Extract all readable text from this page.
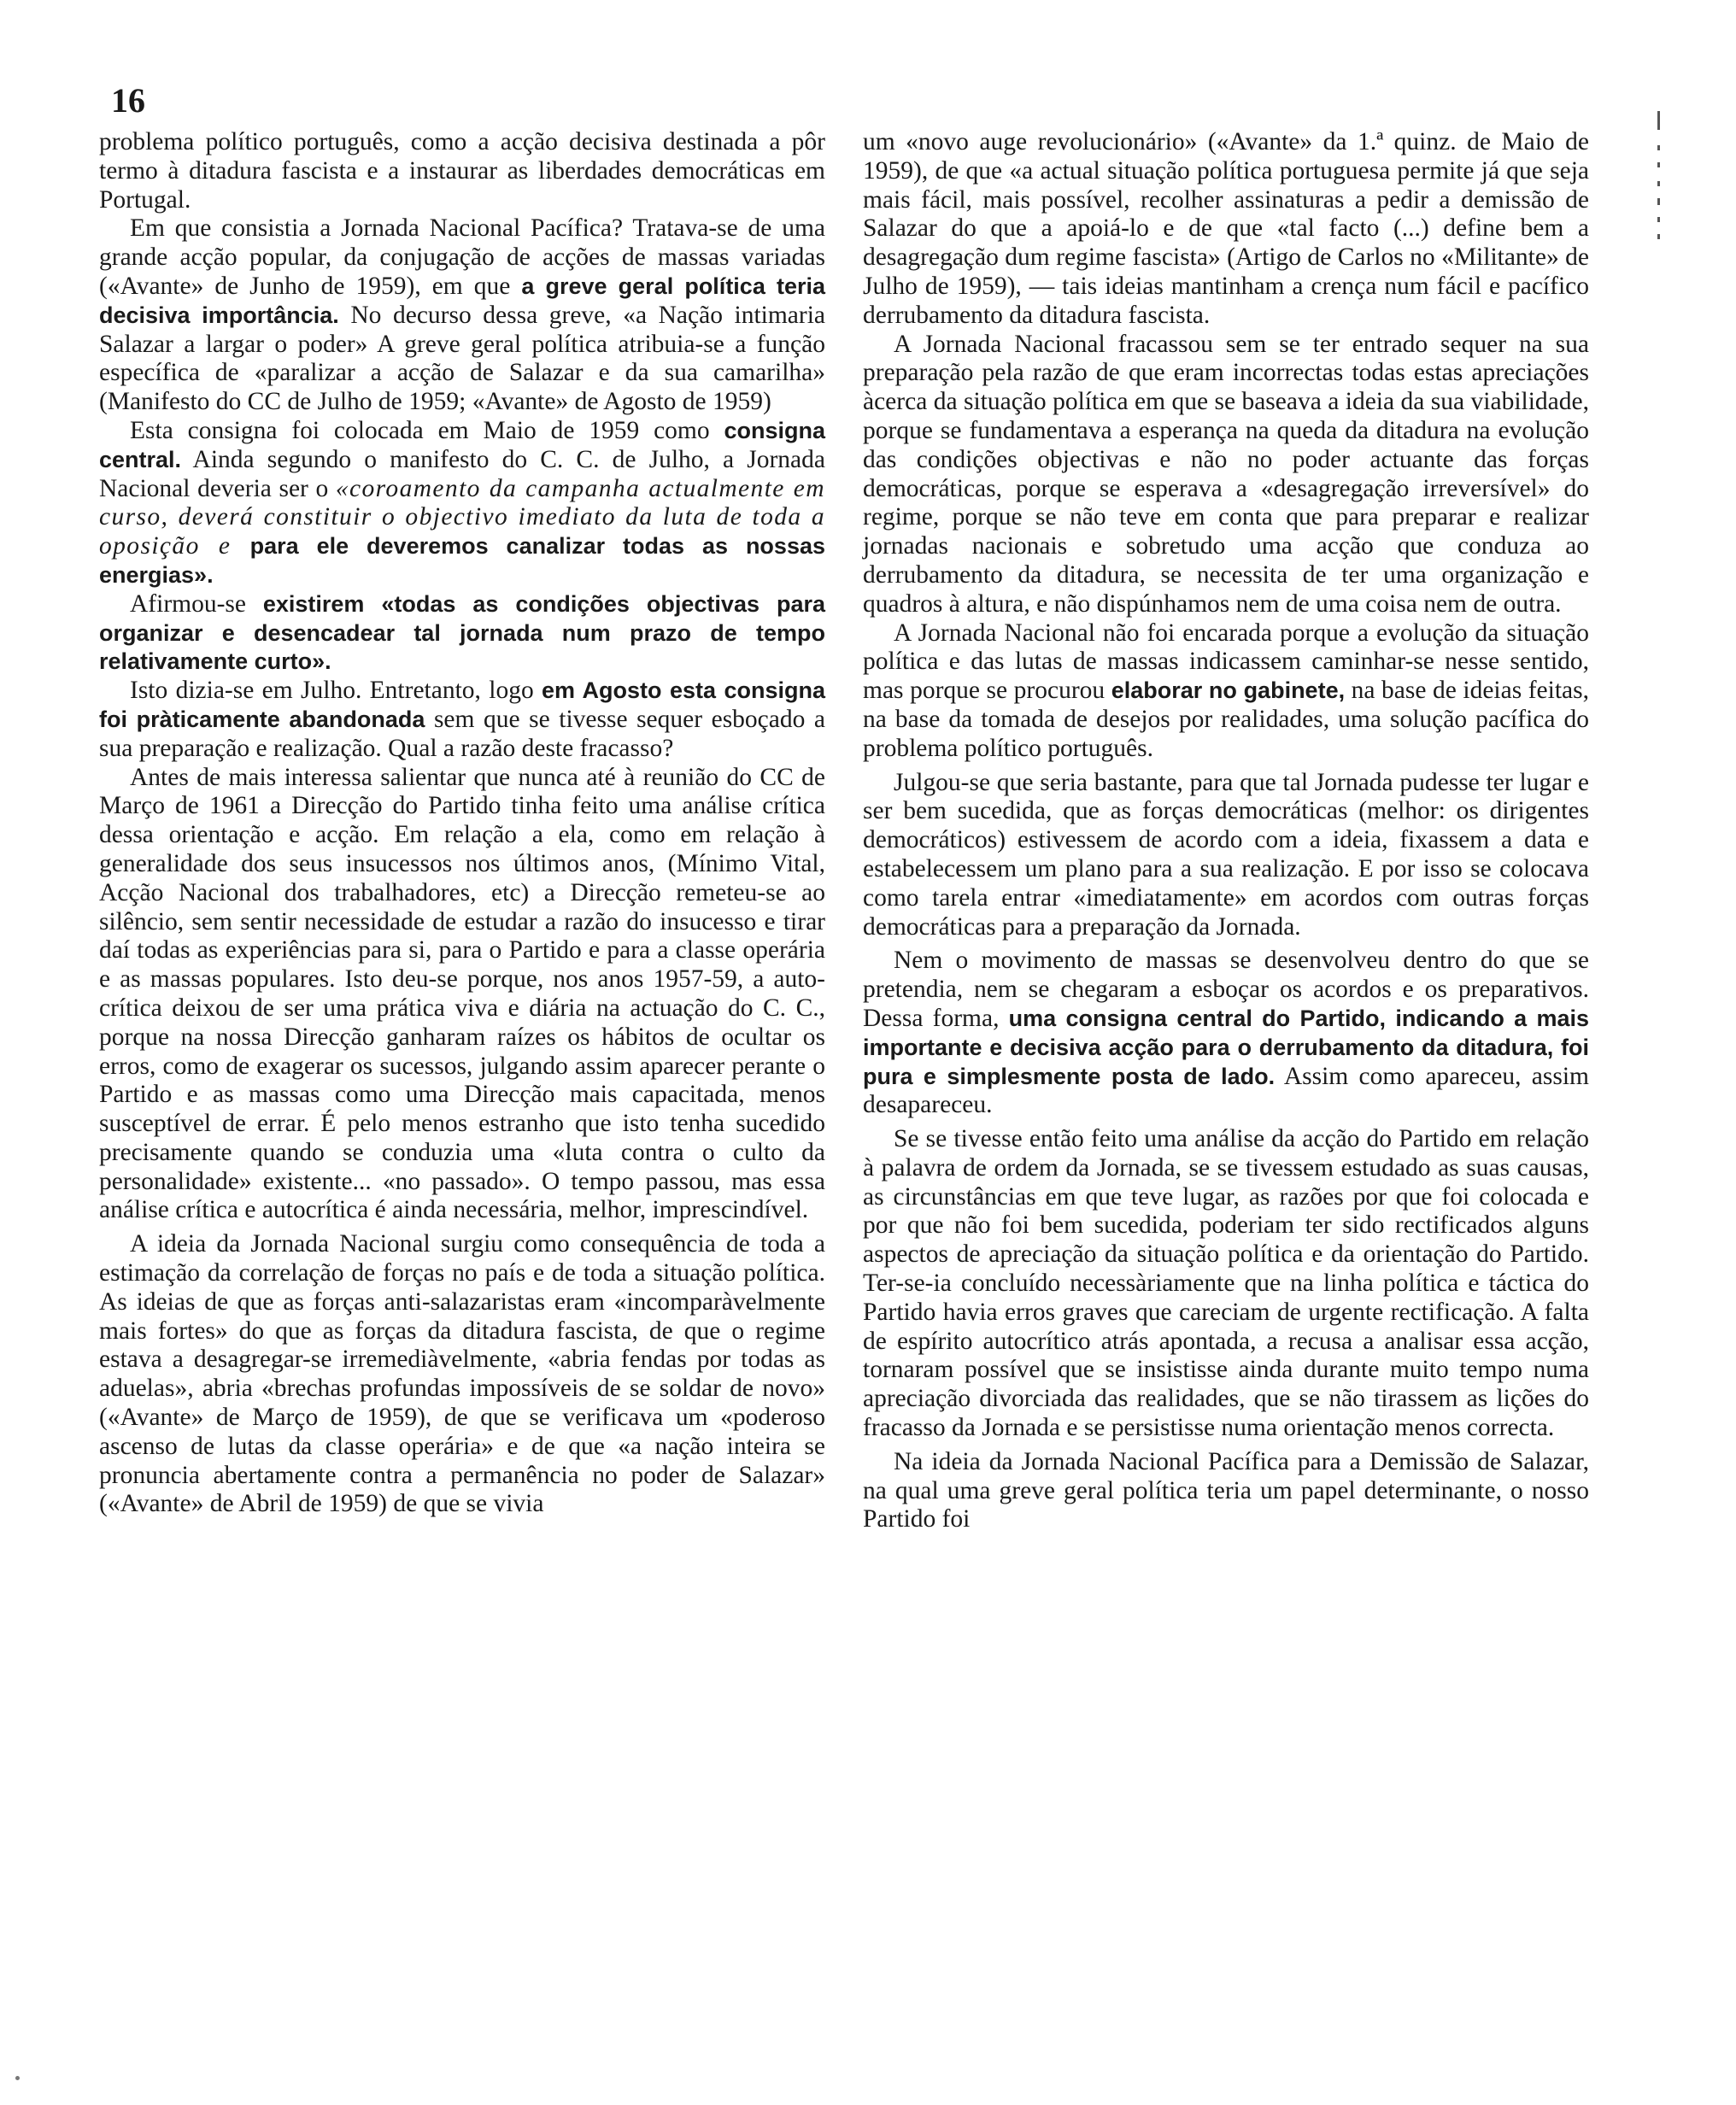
16

problema político português, como a acção decisiva destinada a pôr termo à ditadura fascista e a instaurar as liberdades democráticas em Portugal.

Em que consistia a Jornada Nacional Pacífica? Tratava-se de uma grande acção popular, da conjugação de acções de massas variadas («Avante» de Junho de 1959), em que a greve geral política teria decisiva importância. No decurso dessa greve, «a Nação intimaria Salazar a largar o poder» A greve geral política atribuia-se a função específica de «paralizar a acção de Salazar e da sua camarilha» (Manifesto do CC de Julho de 1959; «Avante» de Agosto de 1959)

Esta consigna foi colocada em Maio de 1959 como consigna central. Ainda segundo o manifesto do C. C. de Julho, a Jornada Nacional deveria ser o «coroamento da campanha actualmente em curso, deverá constituir o objectivo imediato da luta de toda a oposição e para ele deveremos canalizar todas as nossas energias».

Afirmou-se existirem «todas as condições objectivas para organizar e desencadear tal jornada num prazo de tempo relativamente curto».

Isto dizia-se em Julho. Entretanto, logo em Agosto esta consigna foi pràticamente abandonada sem que se tivesse sequer esboçado a sua preparação e realização. Qual a razão deste fracasso?

Antes de mais interessa salientar que nunca até à reunião do CC de Março de 1961 a Direcção do Partido tinha feito uma análise crítica dessa orientação e acção. Em relação a ela, como em relação à generalidade dos seus insucessos nos últimos anos, (Mínimo Vital, Acção Nacional dos trabalhadores, etc) a Direcção remeteu-se ao silêncio, sem sentir necessidade de estudar a razão do insucesso e tirar daí todas as experiências para si, para o Partido e para a classe operária e as massas populares. Isto deu-se porque, nos anos 1957-59, a auto-crítica deixou de ser uma prática viva e diária na actuação do C. C., porque na nossa Direcção ganharam raízes os hábitos de ocultar os erros, como de exagerar os sucessos, julgando assim aparecer perante o Partido e as massas como uma Direcção mais capacitada, menos susceptível de errar. É pelo menos estranho que isto tenha sucedido precisamente quando se conduzia uma «luta contra o culto da personalidade» existente... «no passado». O tempo passou, mas essa análise crítica e autocrítica é ainda necessária, melhor, imprescindível.

A ideia da Jornada Nacional surgiu como consequência de toda a estimação da correlação de forças no país e de toda a situação política. As ideias de que as forças anti-salazaristas eram «incomparàvelmente mais fortes» do que as forças da ditadura fascista, de que o regime estava a desagregar-se irremediàvelmente, «abria fendas por todas as aduelas», abria «brechas profundas impossíveis de se soldar de novo» («Avante» de Março de 1959), de que se verificava um «poderoso ascenso de lutas da classe operária» e de que «a nação inteira se pronuncia abertamente contra a permanência no poder de Salazar» («Avante» de Abril de 1959) de que se vivia

um «novo auge revolucionário» («Avante» da 1.ª quinz. de Maio de 1959), de que «a actual situação política portuguesa permite já que seja mais fácil, mais possível, recolher assinaturas a pedir a demissão de Salazar do que a apoiá-lo e de que «tal facto (...) define bem a desagregação dum regime fascista» (Artigo de Carlos no «Militante» de Julho de 1959), — tais ideias mantinham a crença num fácil e pacífico derrubamento da ditadura fascista.

A Jornada Nacional fracassou sem se ter entrado sequer na sua preparação pela razão de que eram incorrectas todas estas apreciações àcerca da situação política em que se baseava a ideia da sua viabilidade, porque se fundamentava a esperança na queda da ditadura na evolução das condições objectivas e não no poder actuante das forças democráticas, porque se esperava a «desagregação irreversível» do regime, porque se não teve em conta que para preparar e realizar jornadas nacionais e sobretudo uma acção que conduza ao derrubamento da ditadura, se necessita de ter uma organização e quadros à altura, e não dispúnhamos nem de uma coisa nem de outra.

A Jornada Nacional não foi encarada porque a evolução da situação política e das lutas de massas indicassem caminhar-se nesse sentido, mas porque se procurou elaborar no gabinete, na base de ideias feitas, na base da tomada de desejos por realidades, uma solução pacífica do problema político português.

Julgou-se que seria bastante, para que tal Jornada pudesse ter lugar e ser bem sucedida, que as forças democráticas (melhor: os dirigentes democráticos) estivessem de acordo com a ideia, fixassem a data e estabelecessem um plano para a sua realização. E por isso se colocava como tarela entrar «imediatamente» em acordos com outras forças democráticas para a preparação da Jornada.

Nem o movimento de massas se desenvolveu dentro do que se pretendia, nem se chegaram a esboçar os acordos e os preparativos. Dessa forma, uma consigna central do Partido, indicando a mais importante e decisiva acção para o derrubamento da ditadura, foi pura e simplesmente posta de lado. Assim como apareceu, assim desapareceu.

Se se tivesse então feito uma análise da acção do Partido em relação à palavra de ordem da Jornada, se se tivessem estudado as suas causas, as circunstâncias em que teve lugar, as razões por que foi colocada e por que não foi bem sucedida, poderiam ter sido rectificados alguns aspectos de apreciação da situação política e da orientação do Partido. Ter-se-ia concluído necessàriamente que na linha política e táctica do Partido havia erros graves que careciam de urgente rectificação. A falta de espírito autocrítico atrás apontada, a recusa a analisar essa acção, tornaram possível que se insistisse ainda durante muito tempo numa apreciação divorciada das realidades, que se não tirassem as lições do fracasso da Jornada e se persistisse numa orientação menos correcta.

Na ideia da Jornada Nacional Pacífica para a Demissão de Salazar, na qual uma greve geral política teria um papel determinante, o nosso Partido foi
